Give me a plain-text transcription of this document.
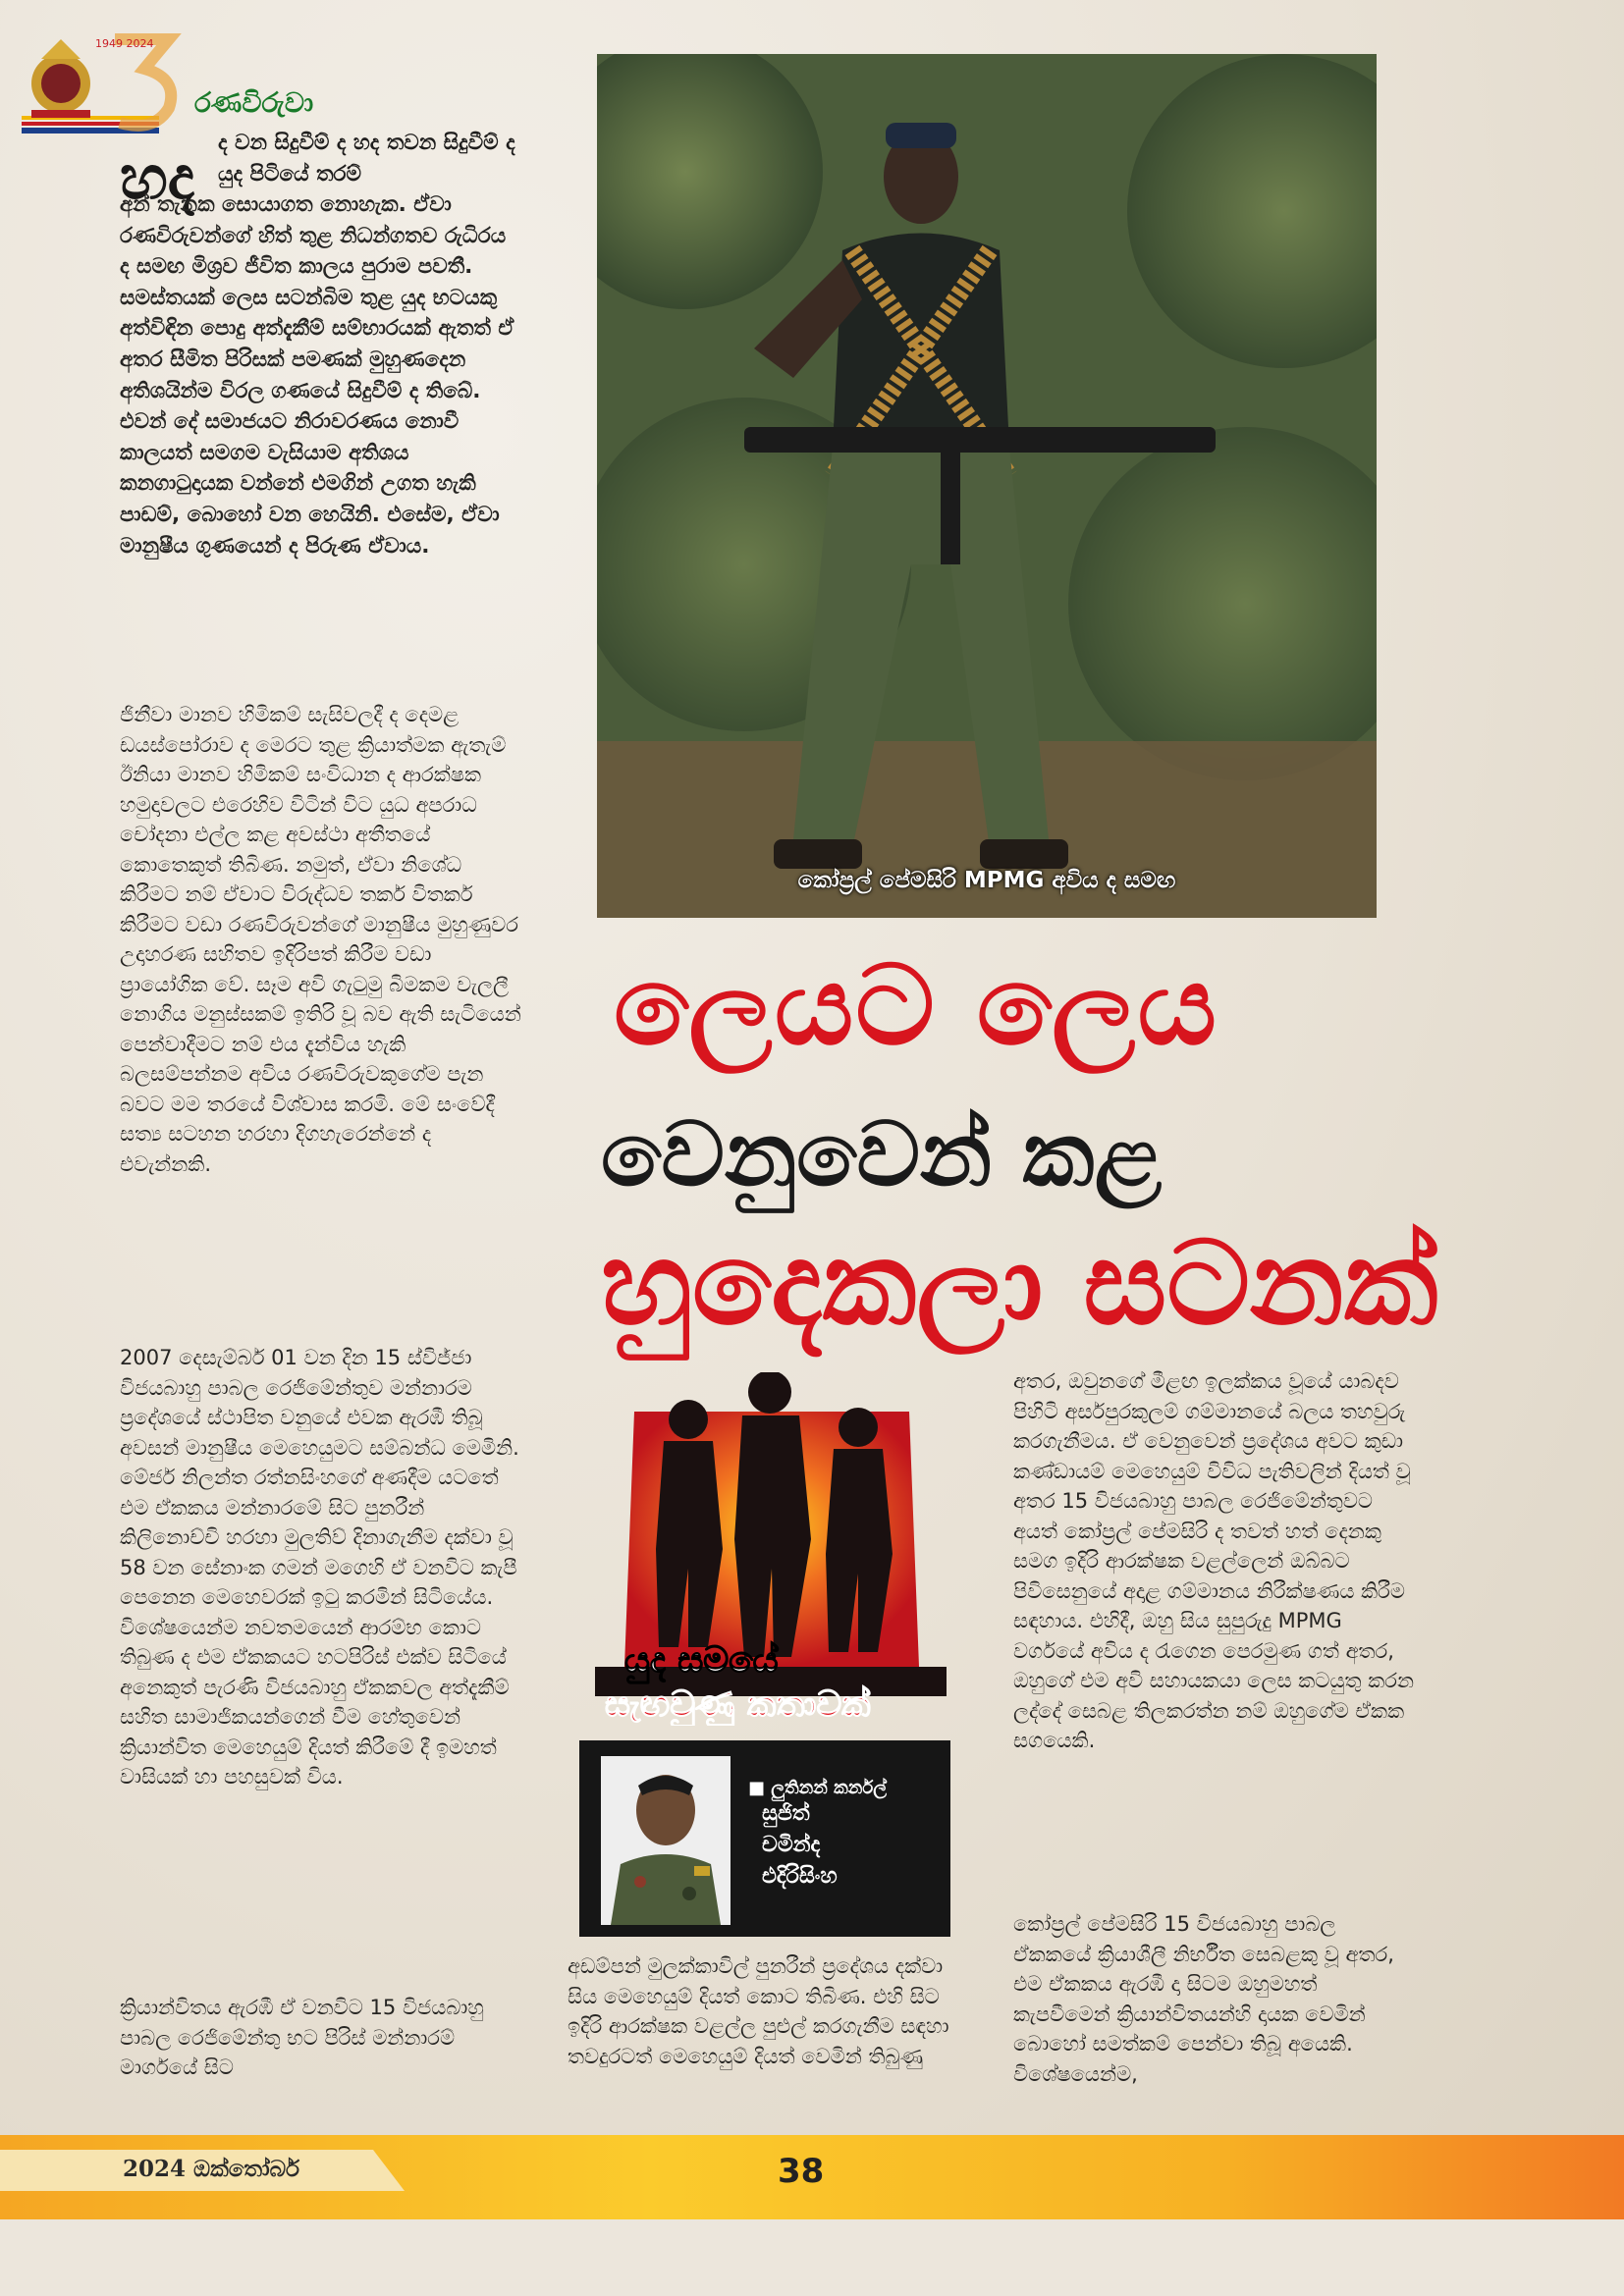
1949 2024
රණවිරුවා
හද ද වන සිදුවීම් ද හද තවන සිදුවීම් ද යුද පිටියේ තරම්
අන් තැනක සොයාගත නොහැක. ඒවා රණවිරුවන්ගේ හිත් තුළ නිධන්ගතව රුධිරය ද සමඟ මිශ්‍රව ජීවිත කාලය පුරාම පවතී. සමස්තයක් ලෙස සටන්බිම තුළ යුද භටයකු අත්විඳින පොදු අත්දැකීම් සම්භාරයක් ඇතත් ඒ අතර සීමිත පිරිසක් පමණක් මුහුණදෙන අතිශයින්ම විරල ගණයේ සිදුවීම් ද තිබේ. එවන් දේ සමාජයට නිරාවරණය නොවී කාලයත් සමගම වැසියාම අතිශය කනගාටුදායක වන්නේ එමගින් උගත හැකි පාඩම්, බොහෝ වන හෙයිනි. එසේම, ඒවා මානුෂීය ගුණයෙන් ද පිරුණ ඒවාය.

ජිනීවා මානව හිමිකම් සැසිවලදී ද දෙමළ ඩයස්පෝරාව ද මෙරට තුළ ක්‍රියාත්මක ඇතැම් ඊනියා මානව හිමිකම් සංවිධාන ද ආරක්ෂක හමුදාවලට එරෙහිව විටින් විට යුධ අපරාධ චෝදනා එල්ල කළ අවස්ථා අතීතයේ කොතෙකුත් තිබිණ. නමුත්, ඒවා නිශේධ කිරීමට නම් ඒවාට විරුද්ධව තර්ක විතර්ක කිරීමට වඩා රණවිරුවන්ගේ මානුෂීය මුහුණුවර උදාහරණ සහිතව ඉදිරිපත් කිරීම වඩා ප්‍රායෝගික වේ. සෑම අවි ගැටුමු බිමකම වැලලී නොගිය මනුස්සකම් ඉතිරි වූ බව ඇති සැටියෙන් පෙන්වාදීමට නම් එය දැන්විය හැකි බලසම්පන්නම අවිය රණවිරුවකුගේම පැන බවට මම තරයේ විශ්වාස කරමි. මේ සංවේදී සත්‍ය සටහන හරහා දිගහැරෙන්නේ ද එවැන්නකි.

2007 දෙසැම්බර් 01 වන දින 15 ස්විජ්ජා විජයබාහු පාබල රෙජිමේන්තුව මන්නාරම ප්‍රදේශයේ ස්ථාපිත වනුයේ එවක ඇරඹී තිබූ අවසන් මානුෂීය මෙහෙයුමට සම්බන්ධ මෙමිනි. මේජර් නිලන්ත රත්නසිංහගේ අණදීම යටතේ එම ඒකකය මන්නාරමේ සිට පුනරීන් කිලිනොච්චි හරහා මුලතිව් දිනාගැනීම දක්වා වූ 58 වන සේනාංක ගමන් මගෙහි ඒ වනවිට කැපී පෙනෙන මෙහෙවරක් ඉටු කරමින් සිටියේය. විශේෂයෙන්ම නවතමයෙන් ආරම්භ කොට තිබුණ ද එම ඒකකයට හටපිරිස් එක්ව සිටියේ අනෙකුත් පැරණි විජයබාහු ඒකකවල අත්දැකීම් සහිත සාමාජිකයන්ගෙන් වීම හේතුවෙන් ක්‍රියාන්විත මෙහෙයුම් දියත් කිරීමේ දී ඉමහත් වාසියක් හා පහසුවක් විය.

ක්‍රියාන්විතය ඇරඹී ඒ වනවිට 15 විජයබාහු පාබල රෙජිමේන්තු භට පිරිස් මන්නාරම් මාර්ගයේ සිට

කෝප්‍රල් පේමසිරි MPMG අවිය ද සමඟ
ලෙයට ලෙය
වෙනුවෙන් කළ
හුදෙකලා සටනක්
යුද සමයේ
සැඟවුණු කතාවක්
■ ලුතිනන් කර්නල්
සුජිත්
චමින්ද
එදිරිසිංහ

අඩම්පන් මුලක්කාවිල් පුනරීන් ප්‍රදේශය දක්වා සිය මෙහෙයුම් දියත් කොට තිබිණ. එහි සිට ඉදිරි ආරක්ෂක වළල්ල පුළුල් කරගැනීම සඳහා තවදුරටත් මෙහෙයුම් දියත් වෙමින් තිබුණු

අතර, ඔවුනගේ මීළඟ ඉලක්කය වූයේ යාබදව පිහිටි අර්සපුරකුලම් ගම්මානයේ බලය තහවුරු කරගැනීමය. ඒ වෙනුවෙන් ප්‍රදේශය අවට කුඩා කණ්ඩායම් මෙහෙයුම් විවිධ පැතිවලින් දියත් වූ අතර 15 විජයබාහු පාබල රෙජිමේන්තුවට අයත් කෝප්‍රල් පේමසිරි ද තවත් හත් දෙනකු සමග ඉදිරි ආරක්ෂක වළල්ලෙන් ඔබ්බට පිවිසෙනුයේ අදාළ ගම්මානය නිරීක්ෂණය කිරීම සඳහාය. එහිදී, ඔහු සිය සුපුරුදු MPMG වර්ගයේ අවිය ද රැගෙන පෙරමුණ ගත් අතර, ඔහුගේ එම අවි සහායකයා ලෙස කටයුතු කරන ලද්දේ සෙබළ තිලකරත්න නම් ඔහුගේම ඒකක සගයෙකි.

කෝප්‍රල් පේමසිරි 15 විජයබාහු පාබල ඒකකයේ ක්‍රියාශීලී නිර්භීත සෙබළකු වූ අතර, එම ඒකකය ඇරඹී දා සිටම ඔහුමහත් කැපවීමෙන් ක්‍රියාන්විතයන්හි දායක වෙමින් බොහෝ සමත්කම් පෙන්වා තිබූ අයෙකි. විශේෂයෙන්ම,

2024 ඔක්තෝබර්	38
